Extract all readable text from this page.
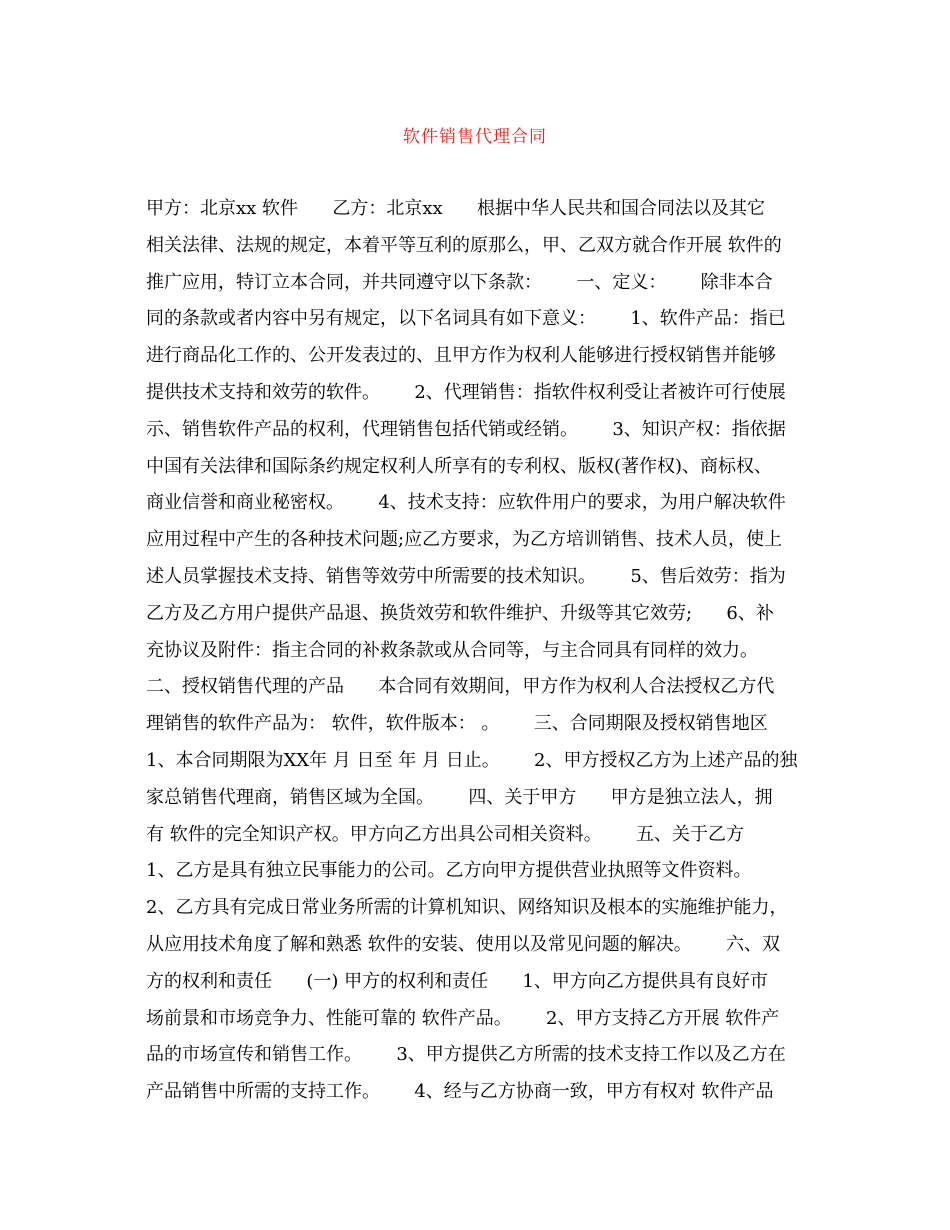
软件销售代理合同
甲方：北京xx 软件      乙方：北京xx      根据中华人民共和国合同法以及其它
相关法律、法规的规定，本着平等互利的原那么，甲、乙双方就合作开展 软件的
推广应用，特订立本合同，并共同遵守以下条款：      一、定义：      除非本合
同的条款或者内容中另有规定，以下名词具有如下意义：      1、软件产品：指已
进行商品化工作的、公开发表过的、且甲方作为权利人能够进行授权销售并能够
提供技术支持和效劳的软件。      2、代理销售：指软件权利受让者被许可行使展
示、销售软件产品的权利，代理销售包括代销或经销。      3、知识产权：指依据
中国有关法律和国际条约规定权利人所享有的专利权、版权(著作权)、商标权、
商业信誉和商业秘密权。      4、技术支持：应软件用户的要求，为用户解决软件
应用过程中产生的各种技术问题;应乙方要求，为乙方培训销售、技术人员，使上
述人员掌握技术支持、销售等效劳中所需要的技术知识。      5、售后效劳：指为
乙方及乙方用户提供产品退、换货效劳和软件维护、升级等其它效劳;      6、补
充协议及附件：指主合同的补救条款或从合同等，与主合同具有同样的效力。
二、授权销售代理的产品      本合同有效期间，甲方作为权利人合法授权乙方代
理销售的软件产品为： 软件，软件版本： 。      三、合同期限及授权销售地区
1、本合同期限为XX年 月 日至 年 月 日止。      2、甲方授权乙方为上述产品的独
家总销售代理商，销售区域为全国。      四、关于甲方      甲方是独立法人，拥
有 软件的完全知识产权。甲方向乙方出具公司相关资料。      五、关于乙方
1、乙方是具有独立民事能力的公司。乙方向甲方提供营业执照等文件资料。
2、乙方具有完成日常业务所需的计算机知识、网络知识及根本的实施维护能力，
从应用技术角度了解和熟悉 软件的安装、使用以及常见问题的解决。      六、双
方的权利和责任      (一) 甲方的权利和责任      1、甲方向乙方提供具有良好市
场前景和市场竞争力、性能可靠的 软件产品。      2、甲方支持乙方开展 软件产
品的市场宣传和销售工作。      3、甲方提供乙方所需的技术支持工作以及乙方在
产品销售中所需的支持工作。      4、经与乙方协商一致，甲方有权对 软件产品
